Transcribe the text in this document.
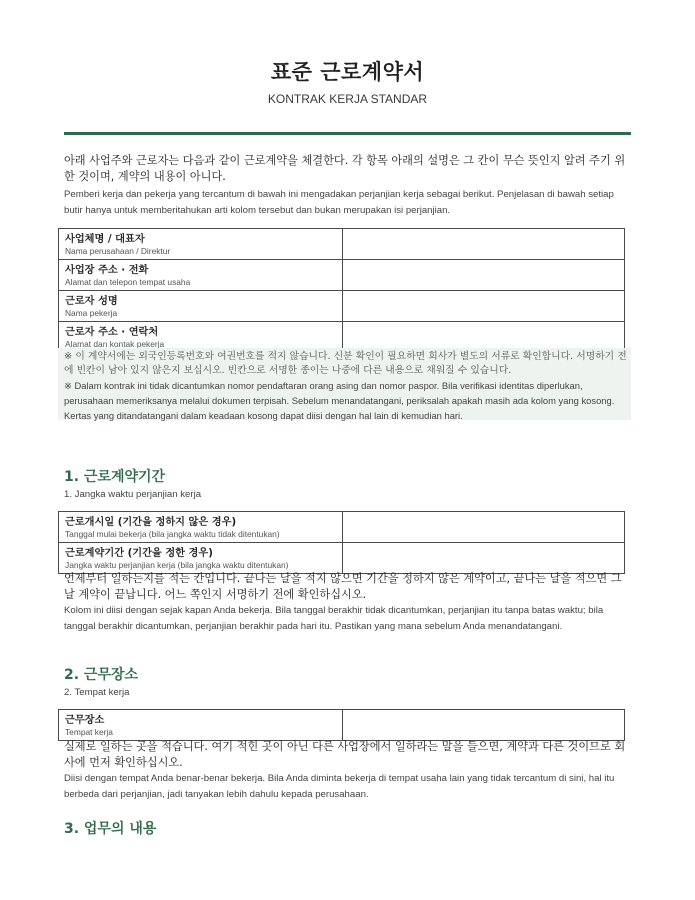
표준 근로계약서
KONTRAK KERJA STANDAR
아래 사업주와 근로자는 다음과 같이 근로계약을 체결한다. 각 항목 아래의 설명은 그 칸이 무슨 뜻인지 알려 주기 위한 것이며, 계약의 내용이 아니다.
Pemberi kerja dan pekerja yang tercantum di bawah ini mengadakan perjanjian kerja sebagai berikut. Penjelasan di bawah setiap butir hanya untuk memberitahukan arti kolom tersebut dan bukan merupakan isi perjanjian.
사업체명 / 대표자
Nama perusahaan / Direktur	

사업장 주소 · 전화
Alamat dan telepon tempat usaha	

근로자 성명
Nama pekerja	

근로자 주소 · 연락처
Alamat dan kontak pekerja	

※ 이 계약서에는 외국인등록번호와 여권번호를 적지 않습니다. 신분 확인이 필요하면 회사가 별도의 서류로 확인합니다. 서명하기 전에 빈칸이 남아 있지 않은지 보십시오. 빈칸으로 서명한 종이는 나중에 다른 내용으로 채워질 수 있습니다.
※ Dalam kontrak ini tidak dicantumkan nomor pendaftaran orang asing dan nomor paspor. Bila verifikasi identitas diperlukan, perusahaan memeriksanya melalui dokumen terpisah. Sebelum menandatangani, periksalah apakah masih ada kolom yang kosong. Kertas yang ditandatangani dalam keadaan kosong dapat diisi dengan hal lain di kemudian hari.
1. 근로계약기간
1. Jangka waktu perjanjian kerja
근로개시일 (기간을 정하지 않은 경우)
Tanggal mulai bekerja (bila jangka waktu tidak ditentukan)	

근로계약기간 (기간을 정한 경우)
Jangka waktu perjanjian kerja (bila jangka waktu ditentukan)	

언제부터 일하는지를 적는 칸입니다. 끝나는 날을 적지 않으면 기간을 정하지 않은 계약이고, 끝나는 날을 적으면 그날 계약이 끝납니다. 어느 쪽인지 서명하기 전에 확인하십시오.
Kolom ini diisi dengan sejak kapan Anda bekerja. Bila tanggal berakhir tidak dicantumkan, perjanjian itu tanpa batas waktu; bila tanggal berakhir dicantumkan, perjanjian berakhir pada hari itu. Pastikan yang mana sebelum Anda menandatangani.
2. 근무장소
2. Tempat kerja
근무장소
Tempat kerja

실제로 일하는 곳을 적습니다. 여기 적힌 곳이 아닌 다른 사업장에서 일하라는 말을 들으면, 계약과 다른 것이므로 회사에 먼저 확인하십시오.
Diisi dengan tempat Anda benar-benar bekerja. Bila Anda diminta bekerja di tempat usaha lain yang tidak tercantum di sini, hal itu berbeda dari perjanjian, jadi tanyakan lebih dahulu kepada perusahaan.
3. 업무의 내용
